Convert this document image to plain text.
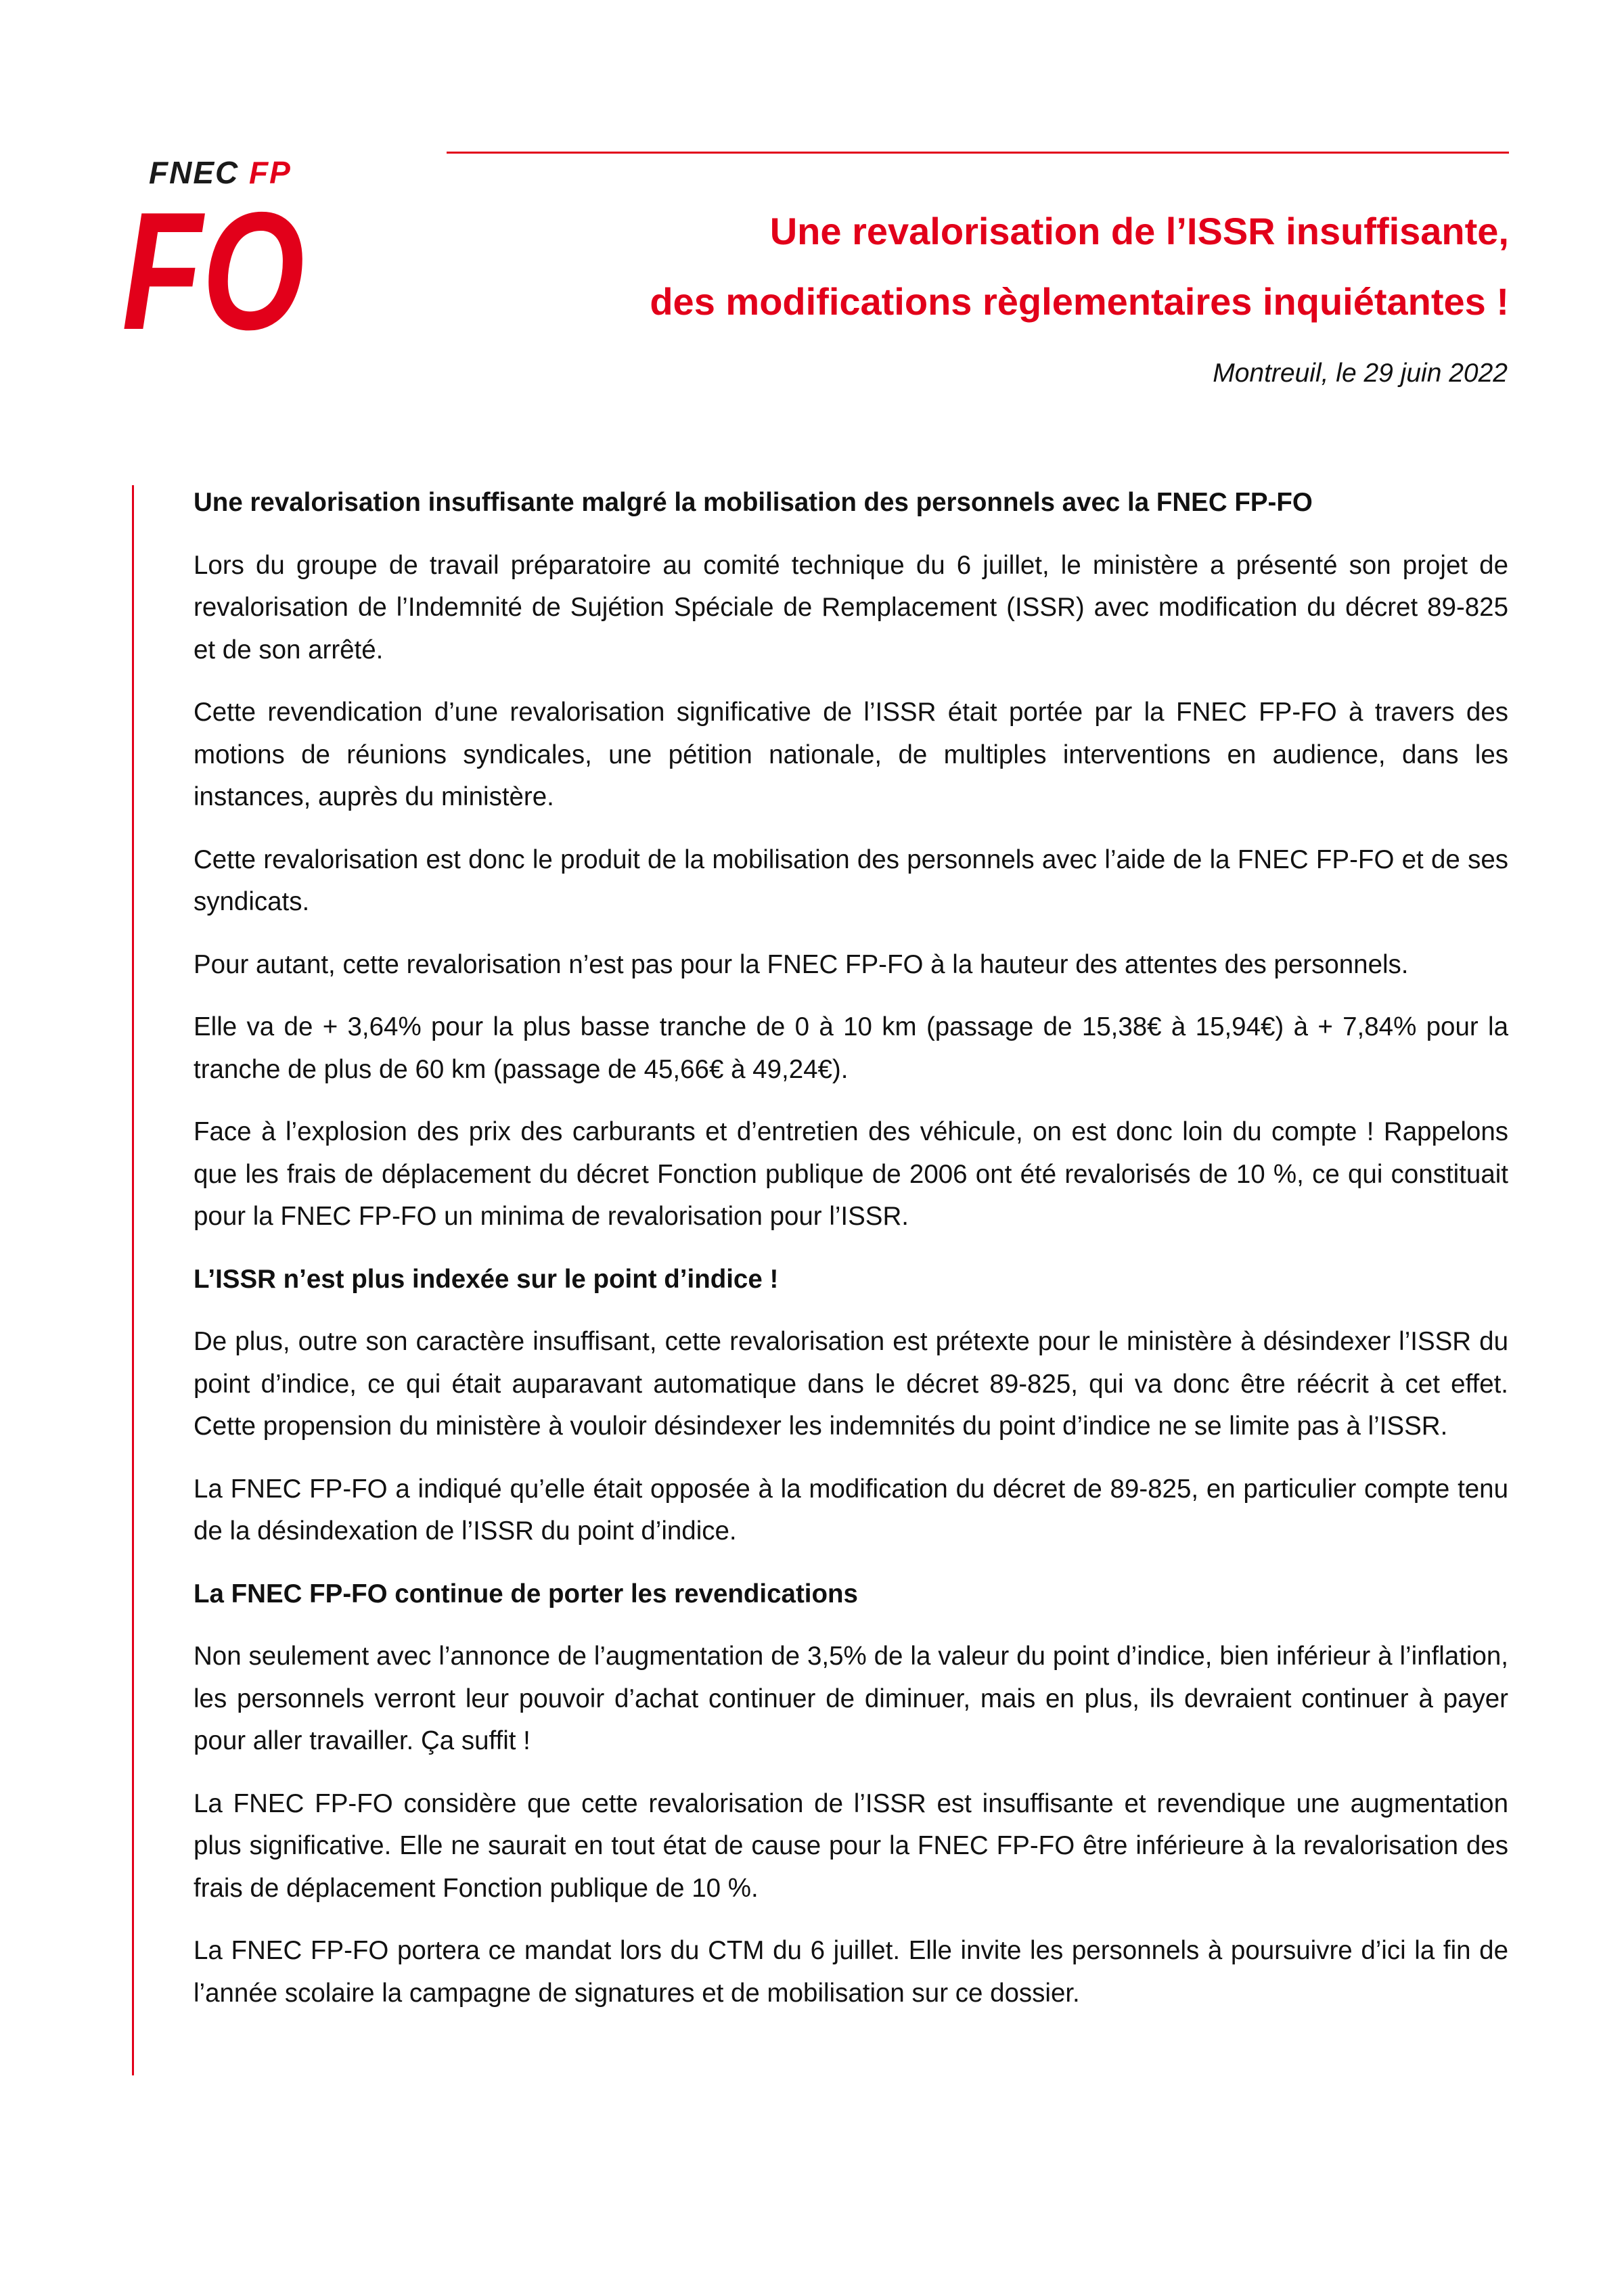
FNEC FP
FO	Une revalorisation de l’ISSR insuffisante,
des modifications règlementaires inquiétantes !
Montreuil, le 29 juin 2022
Une revalorisation insuffisante malgré la mobilisation des personnels avec la FNEC FP-FO

Lors du groupe de travail préparatoire au comité technique du 6 juillet, le ministère a présenté son projet de revalorisation de l’Indemnité de Sujétion Spéciale de Remplacement (ISSR) avec modification du décret 89-825 et de son arrêté.

Cette revendication d’une revalorisation significative de l’ISSR était portée par la FNEC FP-FO à travers des motions de réunions syndicales, une pétition nationale, de multiples interventions en audience, dans les instances, auprès du ministère.

Cette revalorisation est donc le produit de la mobilisation des personnels avec l’aide de la FNEC FP-FO et de ses syndicats.

Pour autant, cette revalorisation n’est pas pour la FNEC FP-FO à la hauteur des attentes des personnels.

Elle va de + 3,64% pour la plus basse tranche de 0 à 10 km (passage de 15,38€ à 15,94€) à + 7,84% pour la tranche de plus de 60 km (passage de 45,66€ à 49,24€).

Face à l’explosion des prix des carburants et d’entretien des véhicule, on est donc loin du compte ! Rappelons que les frais de déplacement du décret Fonction publique de 2006 ont été revalorisés de 10 %, ce qui constituait pour la FNEC FP-FO un minima de revalorisation pour l’ISSR.

L’ISSR n’est plus indexée sur le point d’indice !

De plus, outre son caractère insuffisant, cette revalorisation est prétexte pour le ministère à désindexer l’ISSR du point d’indice, ce qui était auparavant automatique dans le décret 89-825, qui va donc être réécrit à cet effet. Cette propension du ministère à vouloir désindexer les indemnités du point d’indice ne se limite pas à l’ISSR.

La FNEC FP-FO a indiqué qu’elle était opposée à la modification du décret de 89-825, en particulier compte tenu de la désindexation de l’ISSR du point d’indice.

La FNEC FP-FO continue de porter les revendications

Non seulement avec l’annonce de l’augmentation de 3,5% de la valeur du point d’indice, bien inférieur à l’inflation, les personnels verront leur pouvoir d’achat continuer de diminuer, mais en plus, ils devraient continuer à payer pour aller travailler. Ça suffit !

La FNEC FP-FO considère que cette revalorisation de l’ISSR est insuffisante et revendique une augmentation plus significative. Elle ne saurait en tout état de cause pour la FNEC FP-FO être inférieure à la revalorisation des frais de déplacement Fonction publique de 10 %.

La FNEC FP-FO portera ce mandat lors du CTM du 6 juillet. Elle invite les personnels à poursuivre d’ici la fin de l’année scolaire la campagne de signatures et de mobilisation sur ce dossier.
